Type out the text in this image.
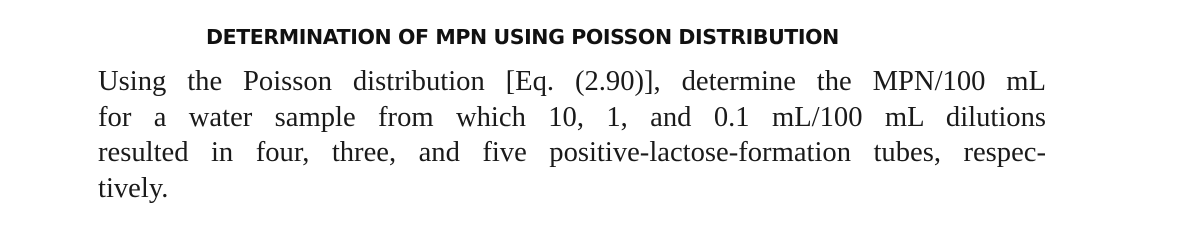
DETERMINATION OF MPN USING POISSON DISTRIBUTION
Using the Poisson distribution [Eq. (2.90)], determine the MPN/100 mL
for a water sample from which 10, 1, and 0.1 mL/100 mL dilutions
resulted in four, three, and five positive-lactose-formation tubes, respec-
tively.
